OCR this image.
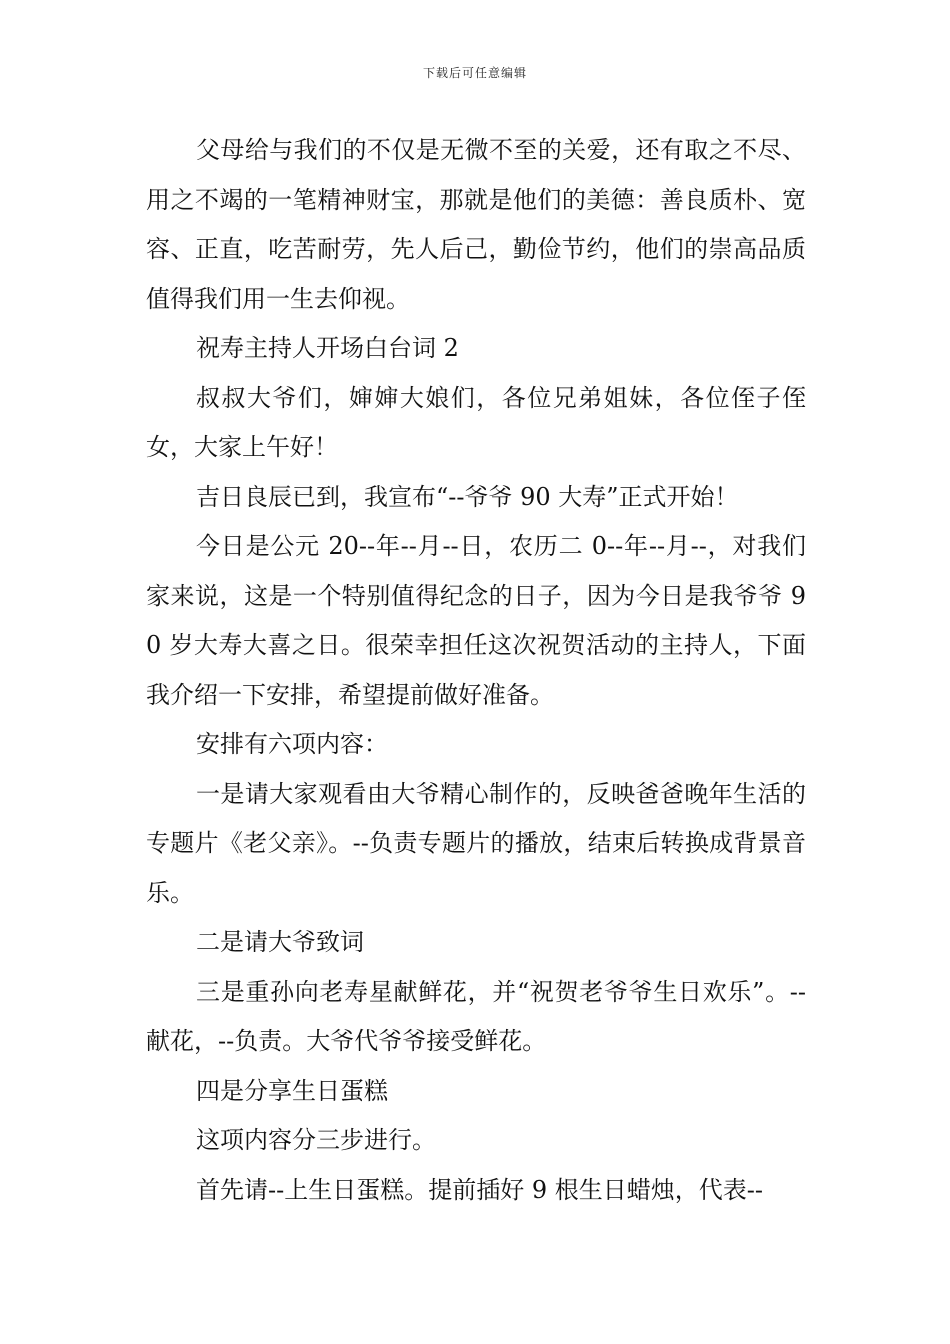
下载后可任意编辑

父母给与我们的不仅是无微不至的关爱，还有取之不尽、用之不竭的一笔精神财宝，那就是他们的美德：善良质朴、宽容、正直，吃苦耐劳，先人后己，勤俭节约，他们的崇高品质值得我们用一生去仰视。

祝寿主持人开场白台词 2

叔叔大爷们，婶婶大娘们，各位兄弟姐妹，各位侄子侄女，大家上午好！

吉日良辰已到，我宣布“--爷爷 90 大寿”正式开始！

今日是公元 20--年--月--日，农历二 0--年--月--，对我们家来说，这是一个特别值得纪念的日子，因为今日是我爷爷 90 岁大寿大喜之日。很荣幸担任这次祝贺活动的主持人，下面我介绍一下安排，希望提前做好准备。

安排有六项内容：

一是请大家观看由大爷精心制作的，反映爸爸晚年生活的专题片《老父亲》。--负责专题片的播放，结束后转换成背景音乐。

二是请大爷致词

三是重孙向老寿星献鲜花，并“祝贺老爷爷生日欢乐”。--献花，--负责。大爷代爷爷接受鲜花。

四是分享生日蛋糕

这项内容分三步进行。

首先请--上生日蛋糕。提前插好 9 根生日蜡烛，代表--
